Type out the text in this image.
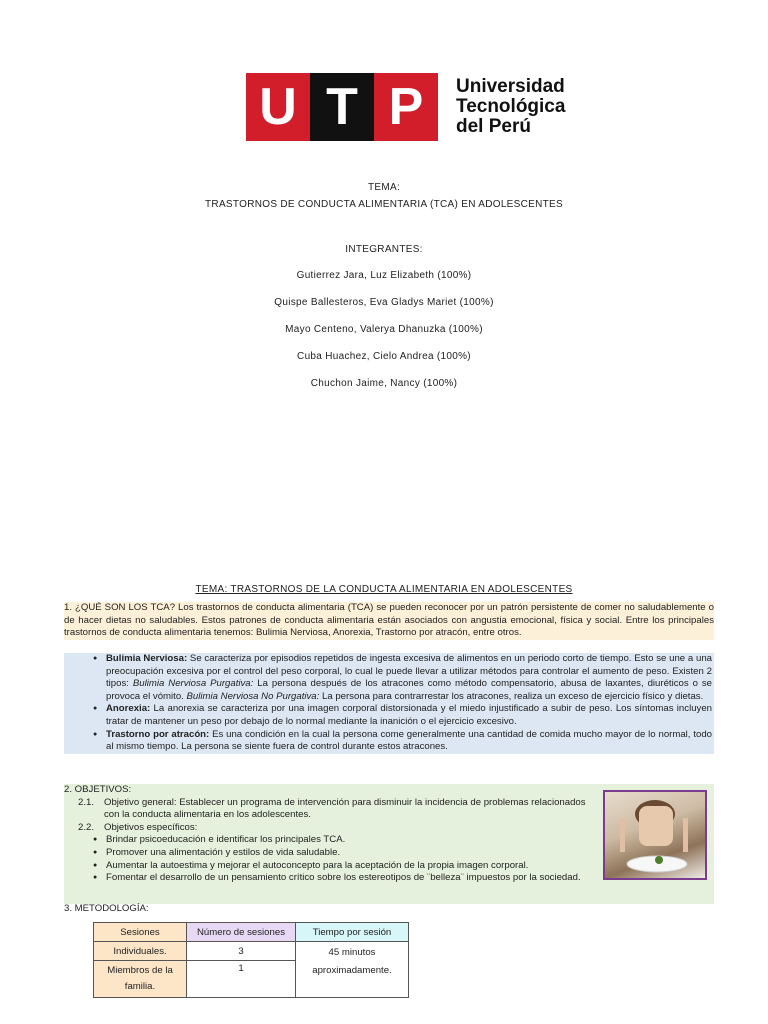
U T P	Universidad
Tecnológica
del Perú
TEMA:
TRASTORNOS DE CONDUCTA ALIMENTARIA (TCA) EN ADOLESCENTES
INTEGRANTES:
Gutierrez Jara, Luz Elizabeth (100%)
Quispe Ballesteros, Eva Gladys Mariet (100%)
Mayo Centeno, Valerya Dhanuzka (100%)
Cuba Huachez, Cielo Andrea (100%)
Chuchon Jaime, Nancy (100%)
TEMA: TRASTORNOS DE LA CONDUCTA ALIMENTARIA EN ADOLESCENTES
1. ¿QUÉ SON LOS TCA? Los trastornos de conducta alimentaria (TCA) se pueden reconocer por un patrón persistente de comer no saludablemente o de hacer dietas no saludables. Estos patrones de conducta alimentaria están asociados con angustia emocional, física y social. Entre los principales trastornos de conducta alimentaria tenemos: Bulimia Nerviosa, Anorexia, Trastorno por atracón, entre otros.
● Bulimia Nerviosa: Se caracteriza por episodios repetidos de ingesta excesiva de alimentos en un periodo corto de tiempo. Esto se une a una preocupación excesiva por el control del peso corporal, lo cual le puede llevar a utilizar métodos para controlar el aumento de peso. Existen 2 tipos: Bulimia Nerviosa Purgativa: La persona después de los atracones como método compensatorio, abusa de laxantes, diuréticos o se provoca el vómito. Bulimia Nerviosa No Purgativa: La persona para contrarrestar los atracones, realiza un exceso de ejercicio físico y dietas.
● Anorexia: La anorexia se caracteriza por una imagen corporal distorsionada y el miedo injustificado a subir de peso. Los síntomas incluyen tratar de mantener un peso por debajo de lo normal mediante la inanición o el ejercicio excesivo.
● Trastorno por atracón: Es una condición en la cual la persona come generalmente una cantidad de comida mucho mayor de lo normal, todo al mismo tiempo. La persona se siente fuera de control durante estos atracones.
2. OBJETIVOS:
2.1.	Objetivo general: Establecer un programa de intervención para disminuir la incidencia de problemas relacionados con la conducta alimentaria en los adolescentes.
2.2.	Objetivos específicos:
● Brindar psicoeducación e identificar los principales TCA.
● Promover una alimentación y estilos de vida saludable.
● Aumentar la autoestima y mejorar el autoconcepto para la aceptación de la propia imagen corporal.
● Fomentar el desarrollo de un pensamiento crítico sobre los estereotipos de ¨belleza¨ impuestos por la sociedad.
3. METODOLOGÍA:
Sesiones	Número de sesiones	Tiempo por sesión
Individuales.	3	45 minutos aproximadamente.
Miembros de la familia.	1	
